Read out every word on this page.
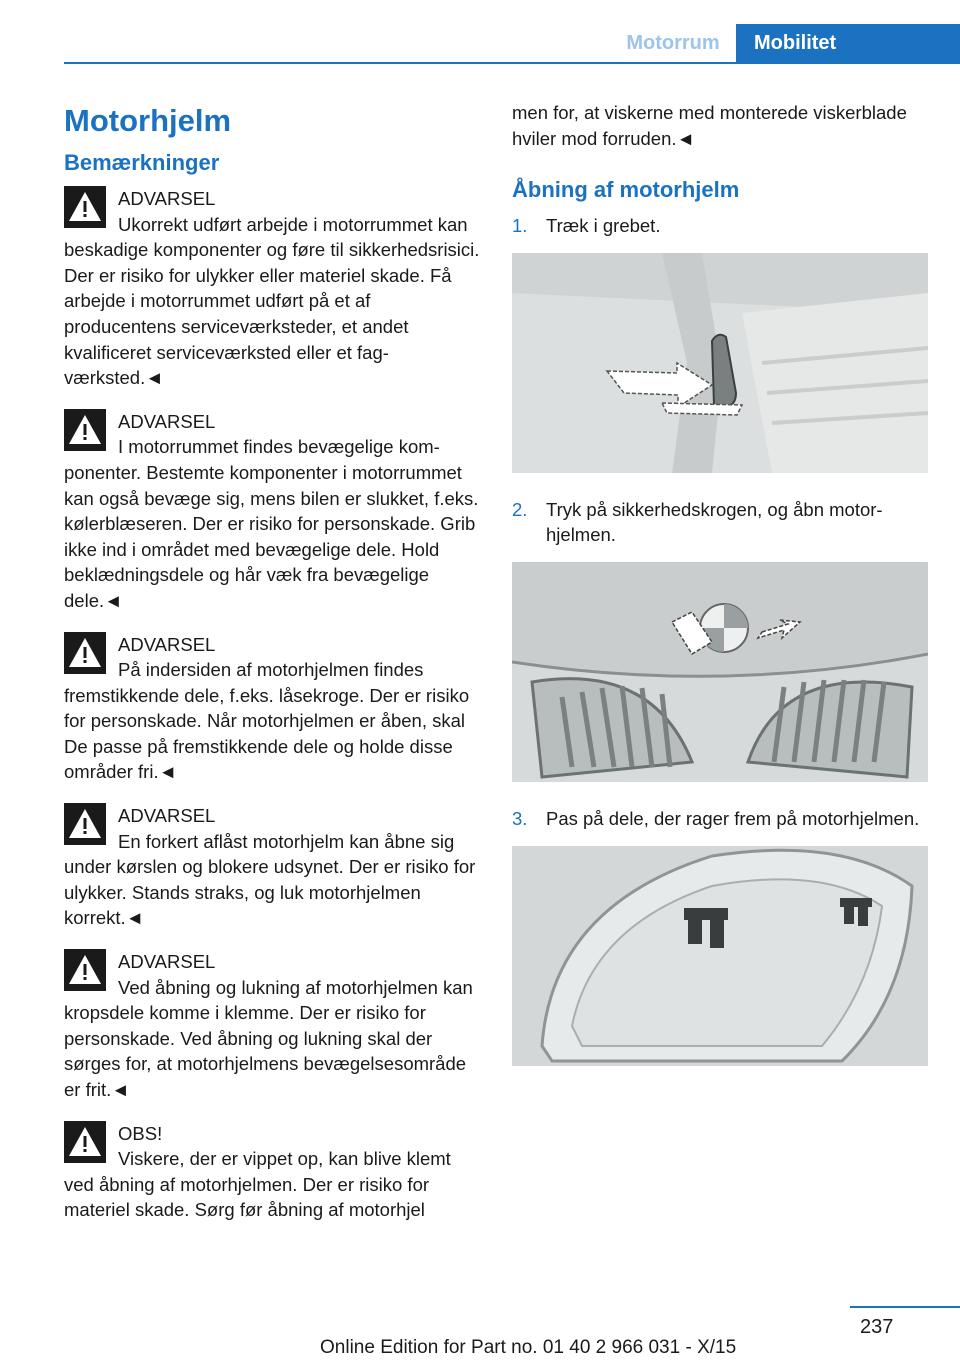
Motorrum	Mobilitet
Motorhjelm
Bemærkninger
ADVARSEL
Ukorrekt udført arbejde i motorrummet kan beskadige komponenter og føre til sikkerhedsrisici. Der er risiko for ulykker eller materiel skade. Få arbejde i motorrummet udført på et af producentens serviceværksteder, et andet kvalificeret serviceværksted eller et fagværksted.◄
ADVARSEL
I motorrummet findes bevægelige komponenter. Bestemte komponenter i motorrummet kan også bevæge sig, mens bilen er slukket, f.eks. kølerblæseren. Der er risiko for personskade. Grib ikke ind i området med bevægelige dele. Hold beklædningsdele og hår væk fra bevægelige dele.◄
ADVARSEL
På indersiden af motorhjelmen findes fremstikkende dele, f.eks. låsekroge. Der er risiko for personskade. Når motorhjelmen er åben, skal De passe på fremstikkende dele og holde disse områder fri.◄
ADVARSEL
En forkert aflåst motorhjelm kan åbne sig under kørslen og blokere udsynet. Der er risiko for ulykker. Stands straks, og luk motorhjelmen korrekt.◄
ADVARSEL
Ved åbning og lukning af motorhjelmen kan kropsdele komme i klemme. Der er risiko for personskade. Ved åbning og lukning skal der sørges for, at motorhjelmens bevægelsesområde er frit.◄
OBS!
Viskere, der er vippet op, kan blive klemt ved åbning af motorhjelmen. Der er risiko for materiel skade. Sørg før åbning af motorhjel

men for, at viskerne med monterede viskerblade hviler mod forruden.◄

Åbning af motorhjelm
1.	Træk i grebet.
2.	Tryk på sikkerhedskrogen, og åbn motorhjelmen.
3.	Pas på dele, der rager frem på motorhjelmen.
237
Online Edition for Part no. 01 40 2 966 031 - X/15
